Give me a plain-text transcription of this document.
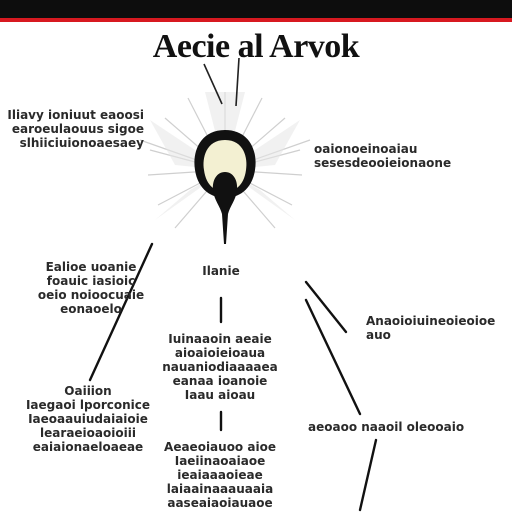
Aecie al Arvok
Iliavy ioniuut eaoosi
earoeulaouus sigoe
slhiiciuionoaesaey	oaionoeinoaiau
sesesdeooieionaone
Ealioe uoanie
foauic iasioic
oeio noioocuaie
eonaoelo
Ilanie
Anaoioiuineoieoioe
auo
Oaiiion
Iaegaoi lporconice
Iaeoaauiudaiaioie
learaeioaoioiii
eaiaionaeloaeae
Iuinaaoin aeaie
aioaioieioaua
nauaniodiaaaaea
eanaa ioanoie
Iaau aioau
Aeaeoiauoo aioe
Iaeiinaoaiaoe
ieaiaaaoieae
laiaainaaauaaia
aaseaiaoiauaoe
aeoaoo naaoil oleooaio
